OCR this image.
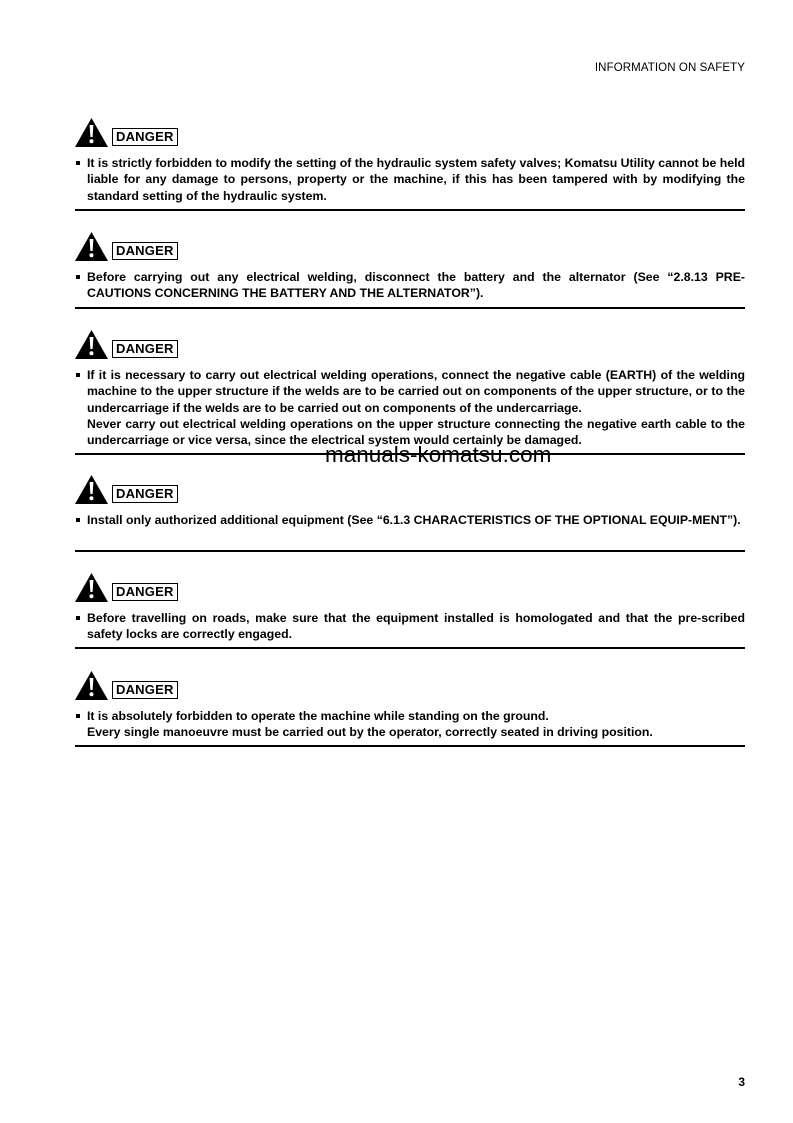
INFORMATION ON SAFETY
DANGER

It is strictly forbidden to modify the setting of the hydraulic system safety valves; Komatsu Utility cannot be held liable for any damage to persons, property or the machine, if this has been tampered with by modifying the standard setting of the hydraulic system.

DANGER

Before carrying out any electrical welding, disconnect the battery and the alternator (See “2.8.13 PRE-CAUTIONS CONCERNING THE BATTERY AND THE ALTERNATOR”).

DANGER

If it is necessary to carry out electrical welding operations, connect the negative cable (EARTH) of the welding machine to the upper structure if the welds are to be carried out on components of the upper structure, or to the undercarriage if the welds are to be carried out on components of the undercarriage.

Never carry out electrical welding operations on the upper structure connecting the negative earth cable to the undercarriage or vice versa, since the electrical system would certainly be damaged.

manuals-komatsu.com
DANGER

Install only authorized additional equipment (See “6.1.3 CHARACTERISTICS OF THE OPTIONAL EQUIP-MENT”).

DANGER

Before travelling on roads, make sure that the equipment installed is homologated and that the pre-scribed safety locks are correctly engaged.

DANGER

It is absolutely forbidden to operate the machine while standing on the ground.

Every single manoeuvre must be carried out by the operator, correctly seated in driving position.

3
